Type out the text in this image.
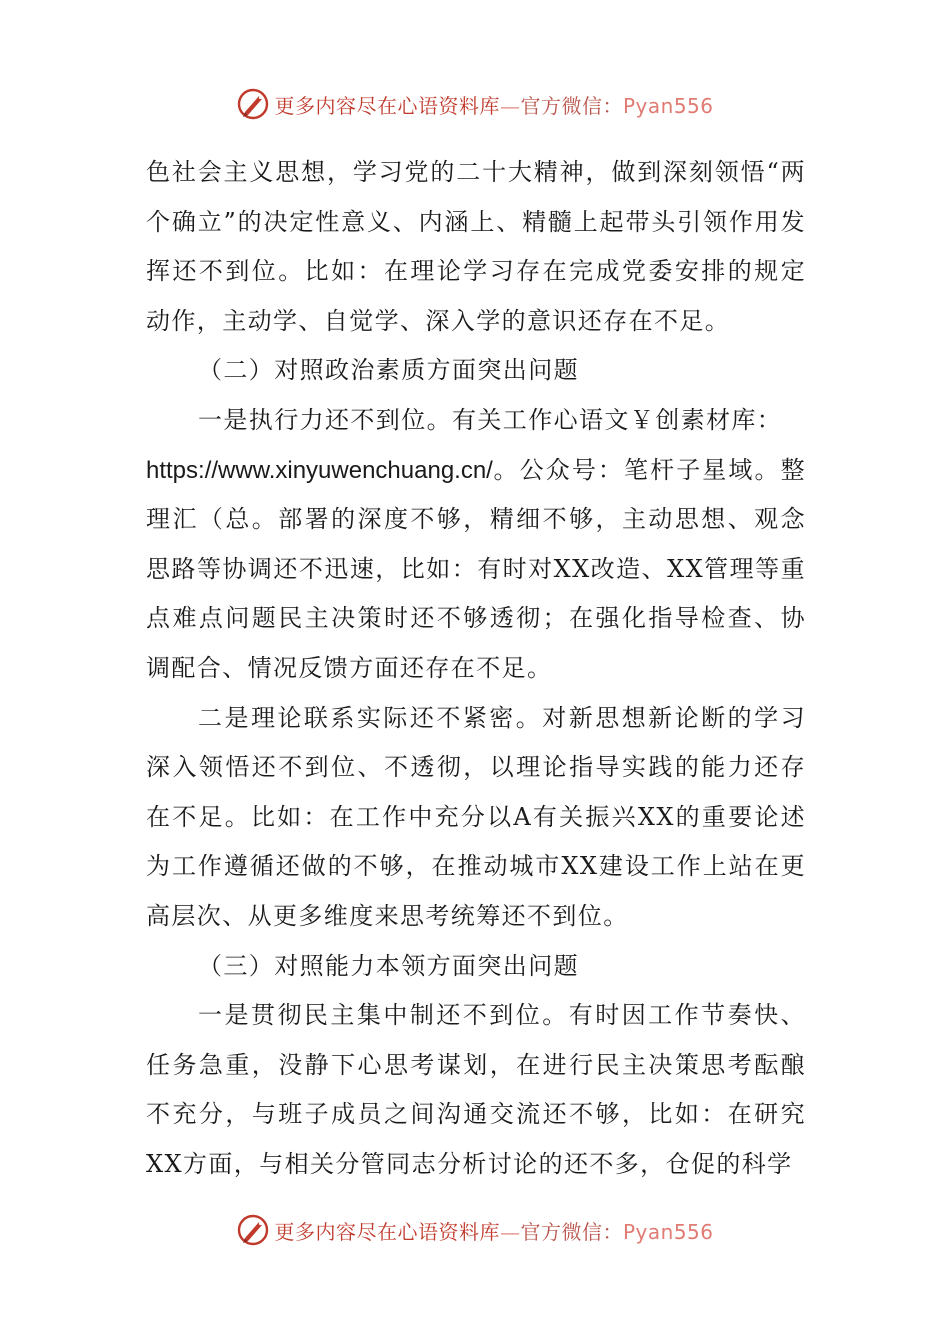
更多内容尽在心语资料库—官方微信：Pyan556

色社会主义思想，学习党的二十大精神，做到深刻领悟“两个确立”的决定性意义、内涵上、精髓上起带头引领作用发挥还不到位。比如：在理论学习存在完成党委安排的规定动作，主动学、自觉学、深入学的意识还存在不足。

（二）对照政治素质方面突出问题

一是执行力还不到位。有关工作心语文￥创素材库：

https://www.xinyuwenchuang.cn/。公众号：笔杆子星域。整理汇（总。部署的深度不够，精细不够，主动思想、观念思路等协调还不迅速，比如：有时对XX改造、XX管理等重点难点问题民主决策时还不够透彻；在强化指导检查、协调配合、情况反馈方面还存在不足。

二是理论联系实际还不紧密。对新思想新论断的学习深入领悟还不到位、不透彻，以理论指导实践的能力还存在不足。比如：在工作中充分以A有关振兴XX的重要论述为工作遵循还做的不够，在推动城市XX建设工作上站在更高层次、从更多维度来思考统筹还不到位。

（三）对照能力本领方面突出问题

一是贯彻民主集中制还不到位。有时因工作节奏快、任务急重，没静下心思考谋划，在进行民主决策思考酝酿不充分，与班子成员之间沟通交流还不够，比如：在研究XX方面，与相关分管同志分析讨论的还不多，仓促的科学

更多内容尽在心语资料库—官方微信：Pyan556
